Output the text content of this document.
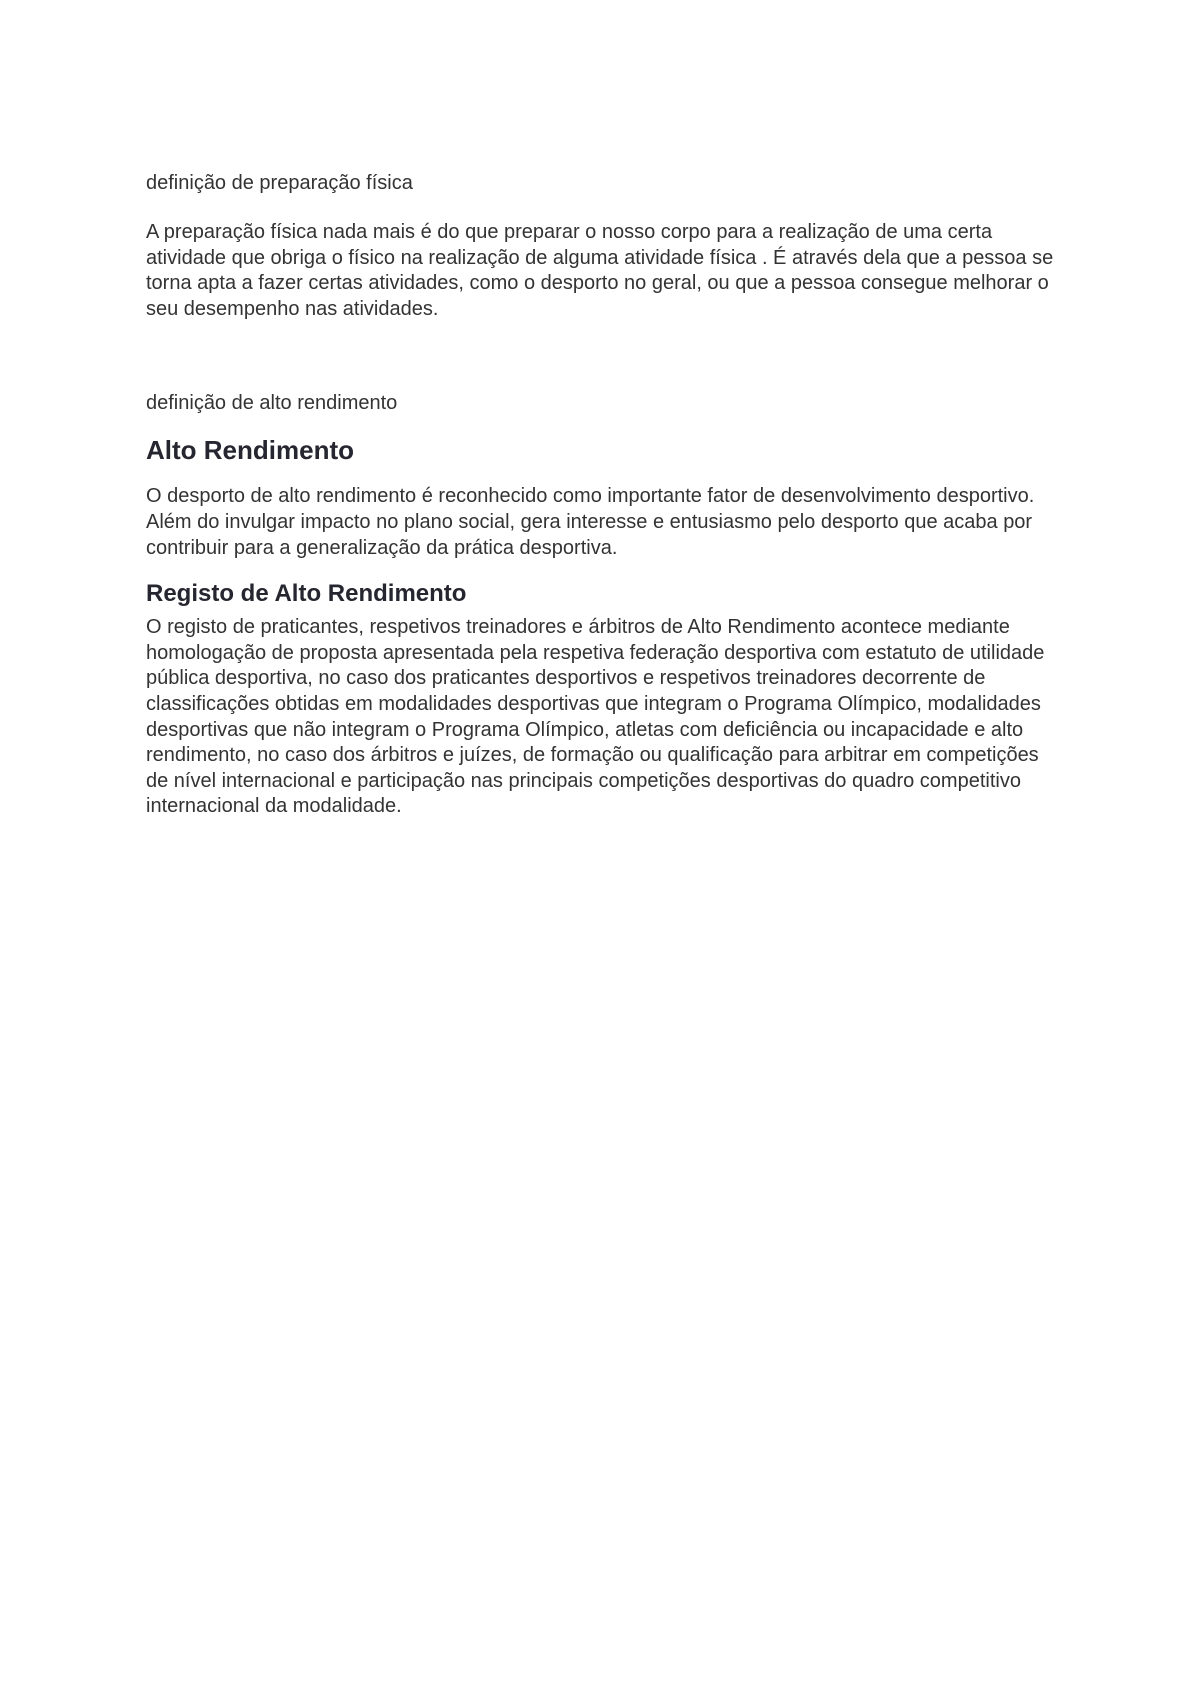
definição de preparação física

A preparação física nada mais é do que preparar o nosso corpo para a realização de uma certa atividade que obriga o físico na realização de alguma atividade física . É através dela que a pessoa se torna apta a fazer certas atividades, como o desporto no geral, ou que a pessoa consegue melhorar o seu desempenho nas atividades.

definição de alto rendimento

Alto Rendimento

O desporto de alto rendimento é reconhecido como importante fator de desenvolvimento desportivo. Além do invulgar impacto no plano social, gera interesse e entusiasmo pelo desporto que acaba por contribuir para a generalização da prática desportiva.

Registo de Alto Rendimento

O registo de praticantes, respetivos treinadores e árbitros de Alto Rendimento acontece mediante homologação de proposta apresentada pela respetiva federação desportiva com estatuto de utilidade pública desportiva, no caso dos praticantes desportivos e respetivos treinadores decorrente de classificações obtidas em modalidades desportivas que integram o Programa Olímpico, modalidades desportivas que não integram o Programa Olímpico, atletas com deficiência ou incapacidade e alto rendimento, no caso dos árbitros e juízes, de formação ou qualificação para arbitrar em competições de nível internacional e participação nas principais competições desportivas do quadro competitivo internacional da modalidade.
